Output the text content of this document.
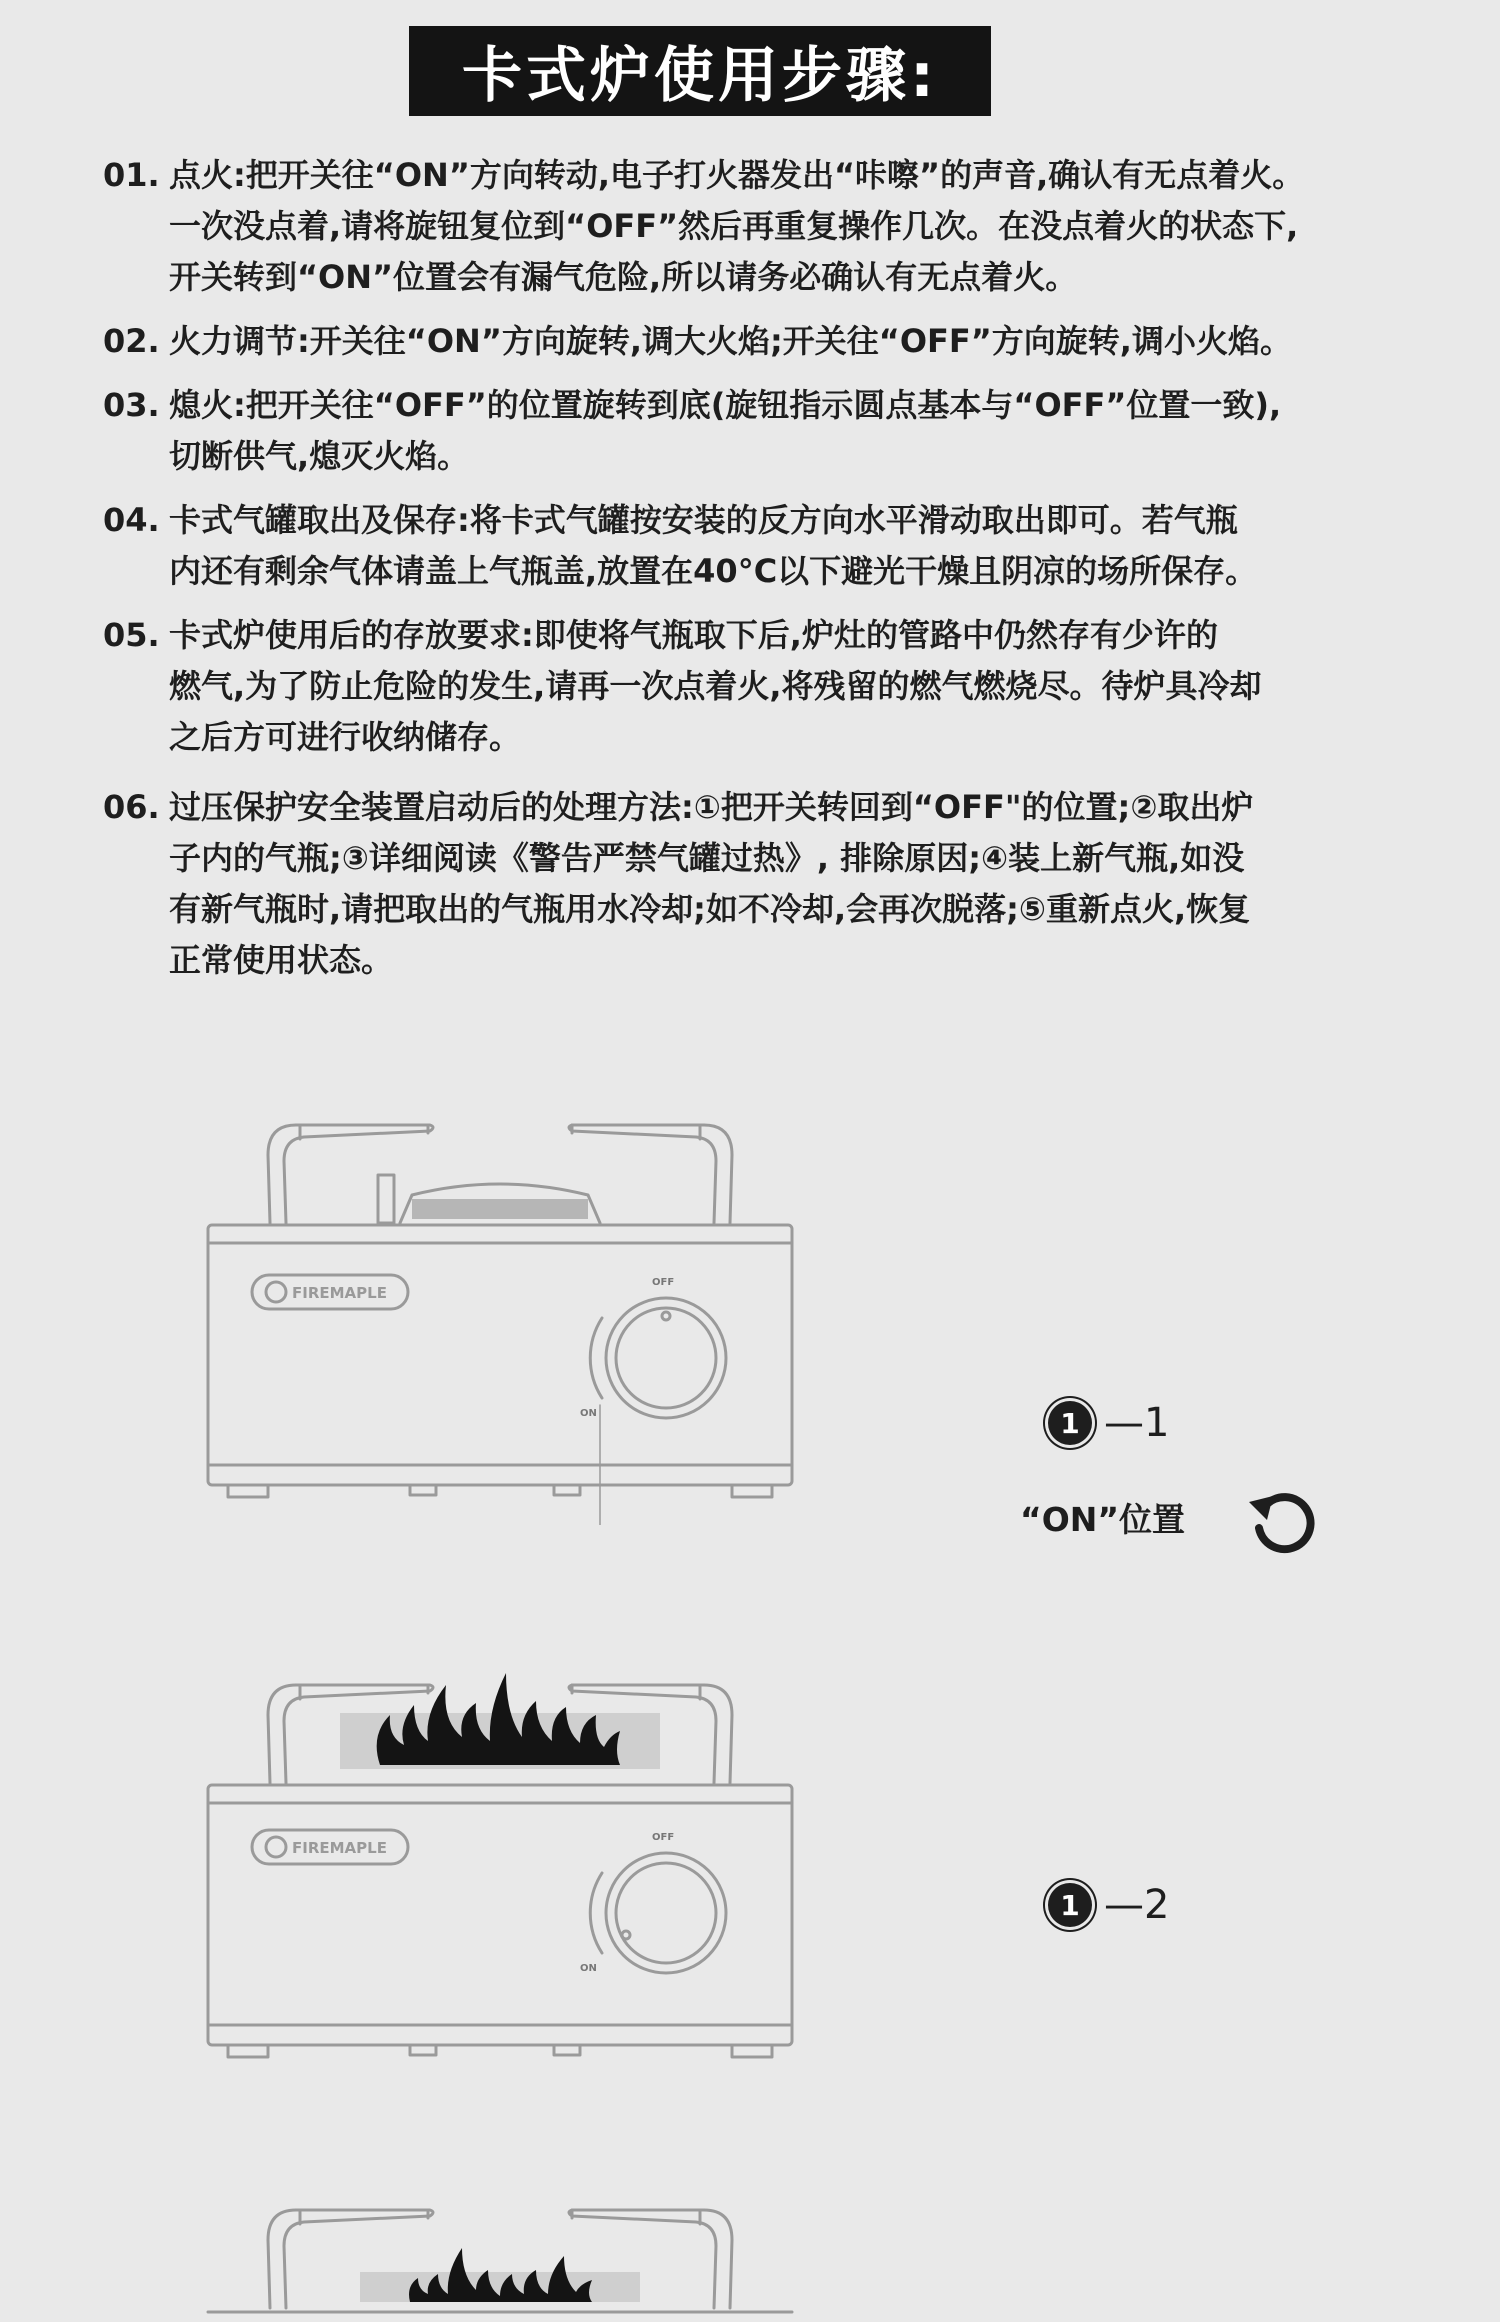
卡式炉使用步骤:
01. 点火:把开关往“ON”方向转动,电子打火器发出“咔嚓”的声音,确认有无点着火。
一次没点着,请将旋钮复位到“OFF”然后再重复操作几次。在没点着火的状态下,
开关转到“ON”位置会有漏气危险,所以请务必确认有无点着火。
02. 火力调节:开关往“ON”方向旋转,调大火焰;开关往“OFF”方向旋转,调小火焰。
03. 熄火:把开关往“OFF”的位置旋转到底(旋钮指示圆点基本与“OFF”位置一致),
切断供气,熄灭火焰。
04. 卡式气罐取出及保存:将卡式气罐按安装的反方向水平滑动取出即可。若气瓶
内还有剩余气体请盖上气瓶盖,放置在40°C以下避光干燥且阴凉的场所保存。
05. 卡式炉使用后的存放要求:即使将气瓶取下后,炉灶的管路中仍然存有少许的
燃气,为了防止危险的发生,请再一次点着火,将残留的燃气燃烧尽。待炉具冷却
之后方可进行收纳储存。
06. 过压保护安全装置启动后的处理方法:①把开关转回到“OFF"的位置;②取出炉
子内的气瓶;③详细阅读《警告严禁气罐过热》, 排除原因;④装上新气瓶,如没
有新气瓶时,请把取出的气瓶用水冷却;如不冷却,会再次脱落;⑤重新点火,恢复
正常使用状态。
FIREMAPLE
OFF
ON	1 —1
“ON”位置
FIREMAPLE
OFF
ON
1 —2
